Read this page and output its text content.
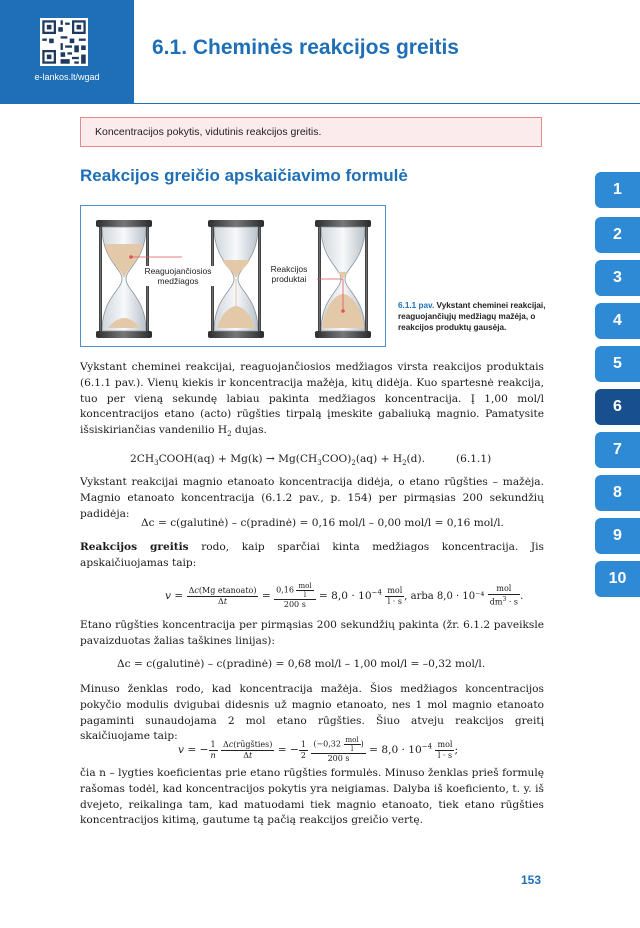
e-lankos.lt/wgad
6.1. Cheminės reakcijos greitis
Koncentracijos pokytis, vidutinis reakcijos greitis.
Reakcijos greičio apskaičiavimo formulė
Reaguojančiosios medžiagos
Reakcijos produktai
6.1.1 pav. Vykstant cheminei reakcijai, reaguojančiųjų medžiagų mažėja, o reakcijos produktų gausėja.
1
2
3
4
5
6
7
8
9
10
Vykstant cheminei reakcijai, reaguojančiosios medžiagos virsta reakcijos produktais (6.1.1 pav.). Vienų kiekis ir koncentracija mažėja, kitų didėja. Kuo spartesnė reakcija, tuo per vieną sekundę labiau pakinta medžiagos koncentracija. Į 1,00 mol/l koncentracijos etano (acto) rūgšties tirpalą įmeskite gabaliuką magnio. Pamatysite išsiskiriančias vandenilio $H_2$ dujas.
$2CH_3COOH(aq) + Mg(k) \to Mg(CH_3COO)_2(aq) + H_2(d)$.	(6.1.1)
Vykstant reakcijai magnio etanoato koncentracija didėja, o etano rūgšties – mažėja. Magnio etanoato koncentracija (6.1.2 pav., p. 154) per pirmąsias 200 sekundžių padidėja:
Δc = c(galutinė) – c(pradinė) = 0,16 mol/l – 0,00 mol/l = 0,16 mol/l.
Reakcijos greitis rodo, kaip sparčiai kinta medžiagos koncentracija. Jis apskaičiuojamas taip:
$v = \frac{\text{Δc(Mg etanoato)}}{\Delta t} = \frac{0,16 \frac{\text{mol}}{l}}{200 s} = 8,0 \cdot 10^{-4} \frac{\text{mol}}{l \cdot s}$ , arba $8,0 \cdot 10^{-4} \frac{\text{mol}}{dm^3 \cdot s}$ .
Etano rūgšties koncentracija per pirmąsias 200 sekundžių pakinta (žr. 6.1.2 paveiksle pavaizduotas žalias taškines linijas):
Δc = c(galutinė) – c(pradinė) = 0,68 mol/l – 1,00 mol/l = –0,32 mol/l.
Minuso ženklas rodo, kad koncentracija mažėja. Šios medžiagos koncentracijos pokyčio modulis dvigubai didesnis už magnio etanoato, nes 1 mol magnio etanoato pagaminti sunaudojama 2 mol etano rūgšties. Šiuo atveju reakcijos greitį skaičiuojame taip:
v = − $\frac{1}{n}$
$\frac{\text{Δc(rūgšties)}}{\Delta t}$ = − $\frac{1}{2}$
$\frac{(-0,32 \frac{\text{mol}}{l} )}{200 s} = 8,0 \cdot 10^{-4} \frac{\text{mol}}{l \cdot s}$ ;
čia n – lygties koeficientas prie etano rūgšties formulės. Minuso ženklas prieš formulę rašomas todėl, kad koncentracijos pokytis yra neigiamas. Dalyba iš koeficiento, t. y. iš dvejeto, reikalinga tam, kad matuodami tiek magnio etanoato, tiek etano rūgšties koncentracijos kitimą, gautume tą pačią reakcijos greičio vertę.
153
